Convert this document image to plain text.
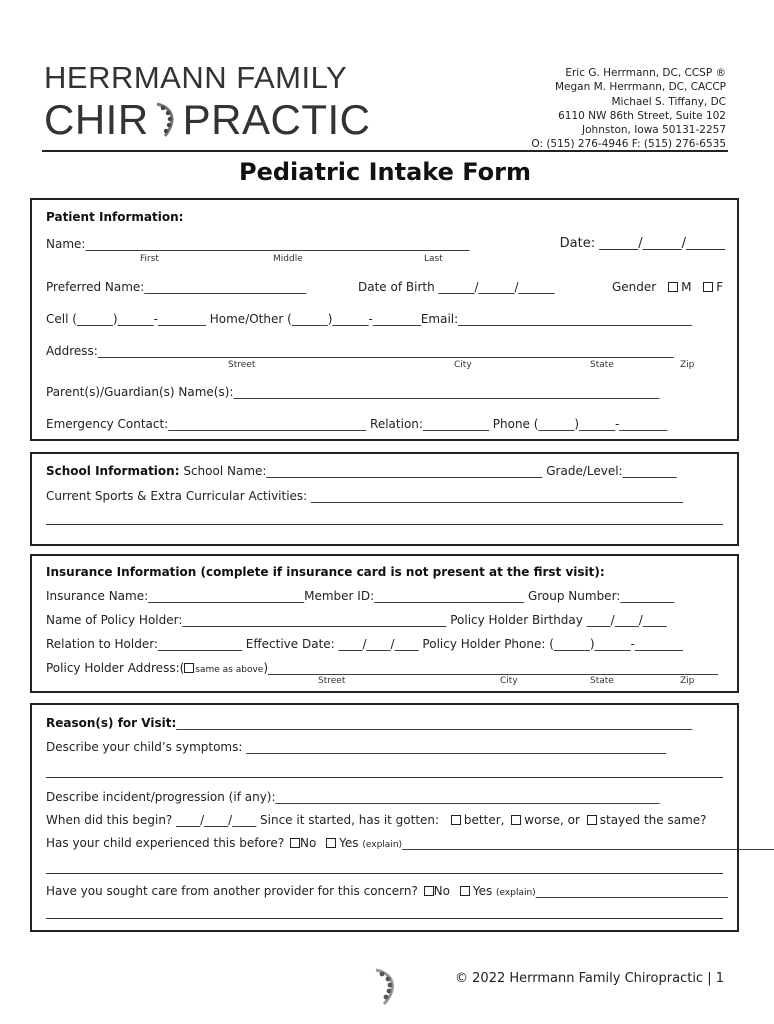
HERRMANN FAMILY
CHIR PRACTIC
Eric G. Herrmann, DC, CCSP ®
Megan M. Herrmann, DC, CACCP
Michael S. Tiffany, DC
6110 NW 86th Street, Suite 102
Johnston, Iowa 50131-2257
O: (515) 276-4946 F: (515) 276-6535
Pediatric Intake Form
Patient Information:
Name:________________________________________________________________	Date: ______/______/______
First	Middle	Last
Preferred Name:___________________________	Date of Birth ______/______/______	Gender M F
Cell (______)______-________ Home/Other (______)______-________Email:_______________________________________
Address:________________________________________________________________________________________________
Street	City	State	Zip
Parent(s)/Guardian(s) Name(s):_______________________________________________________________________
Emergency Contact:_________________________________ Relation:___________ Phone (______)______-________
School Information: School Name:______________________________________________ Grade/Level:_________
Current Sports & Extra Curricular Activities: ______________________________________________________________
Insurance Information (complete if insurance card is not present at the first visit):
Insurance Name:__________________________Member ID:_________________________ Group Number:_________
Name of Policy Holder:____________________________________________ Policy Holder Birthday ____/____/____
Relation to Holder:______________ Effective Date: ____/____/____ Policy Holder Phone: (______)______-________
Policy Holder Address:( same as above)___________________________________________________________________________
Street	City	State	Zip
Reason(s) for Visit:______________________________________________________________________________________
Describe your child’s symptoms: ______________________________________________________________________
Describe incident/progression (if any):________________________________________________________________
When did this begin? ____/____/____ Since it started, has it gotten: better, worse, or stayed the same?
Has your child experienced this before? No Yes (explain)______________________________________________________________
Have you sought care from another provider for this concern? No Yes (explain)________________________________
© 2022 Herrmann Family Chiropractic | 1
